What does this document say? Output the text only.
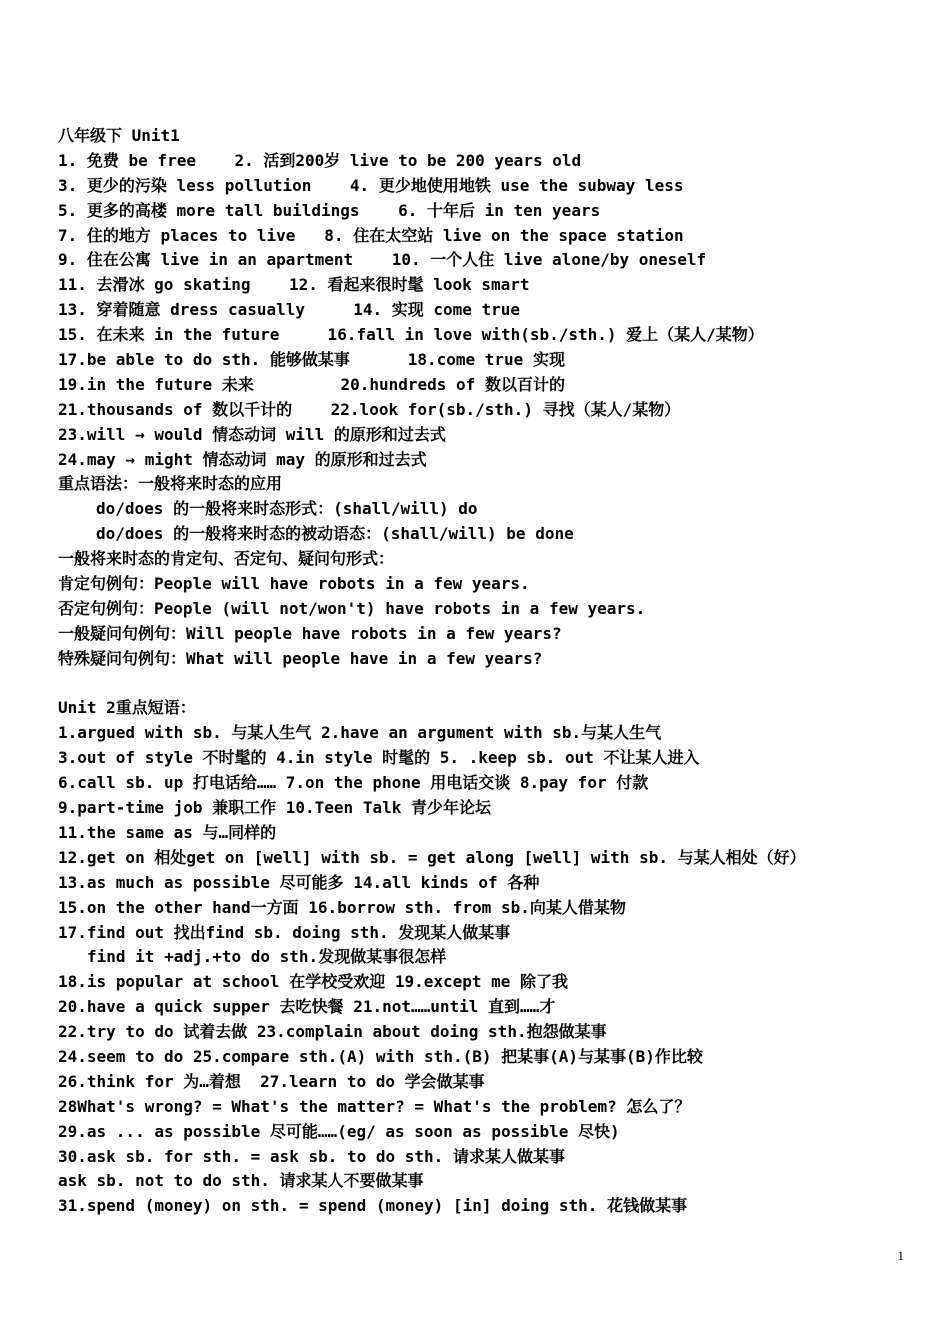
八年级下 Unit1
1. 免费 be free    2. 活到200岁 live to be 200 years old
3. 更少的污染 less pollution    4. 更少地使用地铁 use the subway less
5. 更多的高楼 more tall buildings    6. 十年后 in ten years
7. 住的地方 places to live   8. 住在太空站 live on the space station
9. 住在公寓 live in an apartment    10. 一个人住 live alone/by oneself
11. 去滑冰 go skating    12. 看起来很时髦 look smart
13. 穿着随意 dress casually     14. 实现 come true
15. 在未来 in the future     16.fall in love with(sb./sth.) 爱上（某人/某物）
17.be able to do sth. 能够做某事      18.come true 实现
19.in the future 未来         20.hundreds of 数以百计的
21.thousands of 数以千计的    22.look for(sb./sth.) 寻找（某人/某物）
23.will → would 情态动词 will 的原形和过去式
24.may → might 情态动词 may 的原形和过去式
重点语法：一般将来时态的应用
do/does 的一般将来时态形式：(shall/will) do
do/does 的一般将来时态的被动语态：(shall/will) be done
一般将来时态的肯定句、否定句、疑问句形式：
肯定句例句：People will have robots in a few years.
否定句例句：People (will not/won't) have robots in a few years.
一般疑问句例句：Will people have robots in a few years?
特殊疑问句例句：What will people have in a few years?
Unit 2重点短语：
1.argued with sb. 与某人生气 2.have an argument with sb.与某人生气
3.out of style 不时髦的 4.in style 时髦的 5. .keep sb. out 不让某人进入
6.call sb. up 打电话给…… 7.on the phone 用电话交谈 8.pay for 付款
9.part-time job 兼职工作 10.Teen Talk 青少年论坛
11.the same as 与…同样的
12.get on 相处get on [well] with sb. = get along [well] with sb. 与某人相处（好）
13.as much as possible 尽可能多 14.all kinds of 各种
15.on the other hand一方面 16.borrow sth. from sb.向某人借某物
17.find out 找出find sb. doing sth. 发现某人做某事
find it +adj.+to do sth.发现做某事很怎样
18.is popular at school 在学校受欢迎 19.except me 除了我
20.have a quick supper 去吃快餐 21.not……until 直到……才
22.try to do 试着去做 23.complain about doing sth.抱怨做某事
24.seem to do 25.compare sth.(A) with sth.(B) 把某事(A)与某事(B)作比较
26.think for 为…着想  27.learn to do 学会做某事
28What's wrong? = What's the matter? = What's the problem? 怎么了？
29.as ... as possible 尽可能……(eg/ as soon as possible 尽快)
30.ask sb. for sth. = ask sb. to do sth. 请求某人做某事
ask sb. not to do sth. 请求某人不要做某事
31.spend (money) on sth. = spend (money) [in] doing sth. 花钱做某事
1
